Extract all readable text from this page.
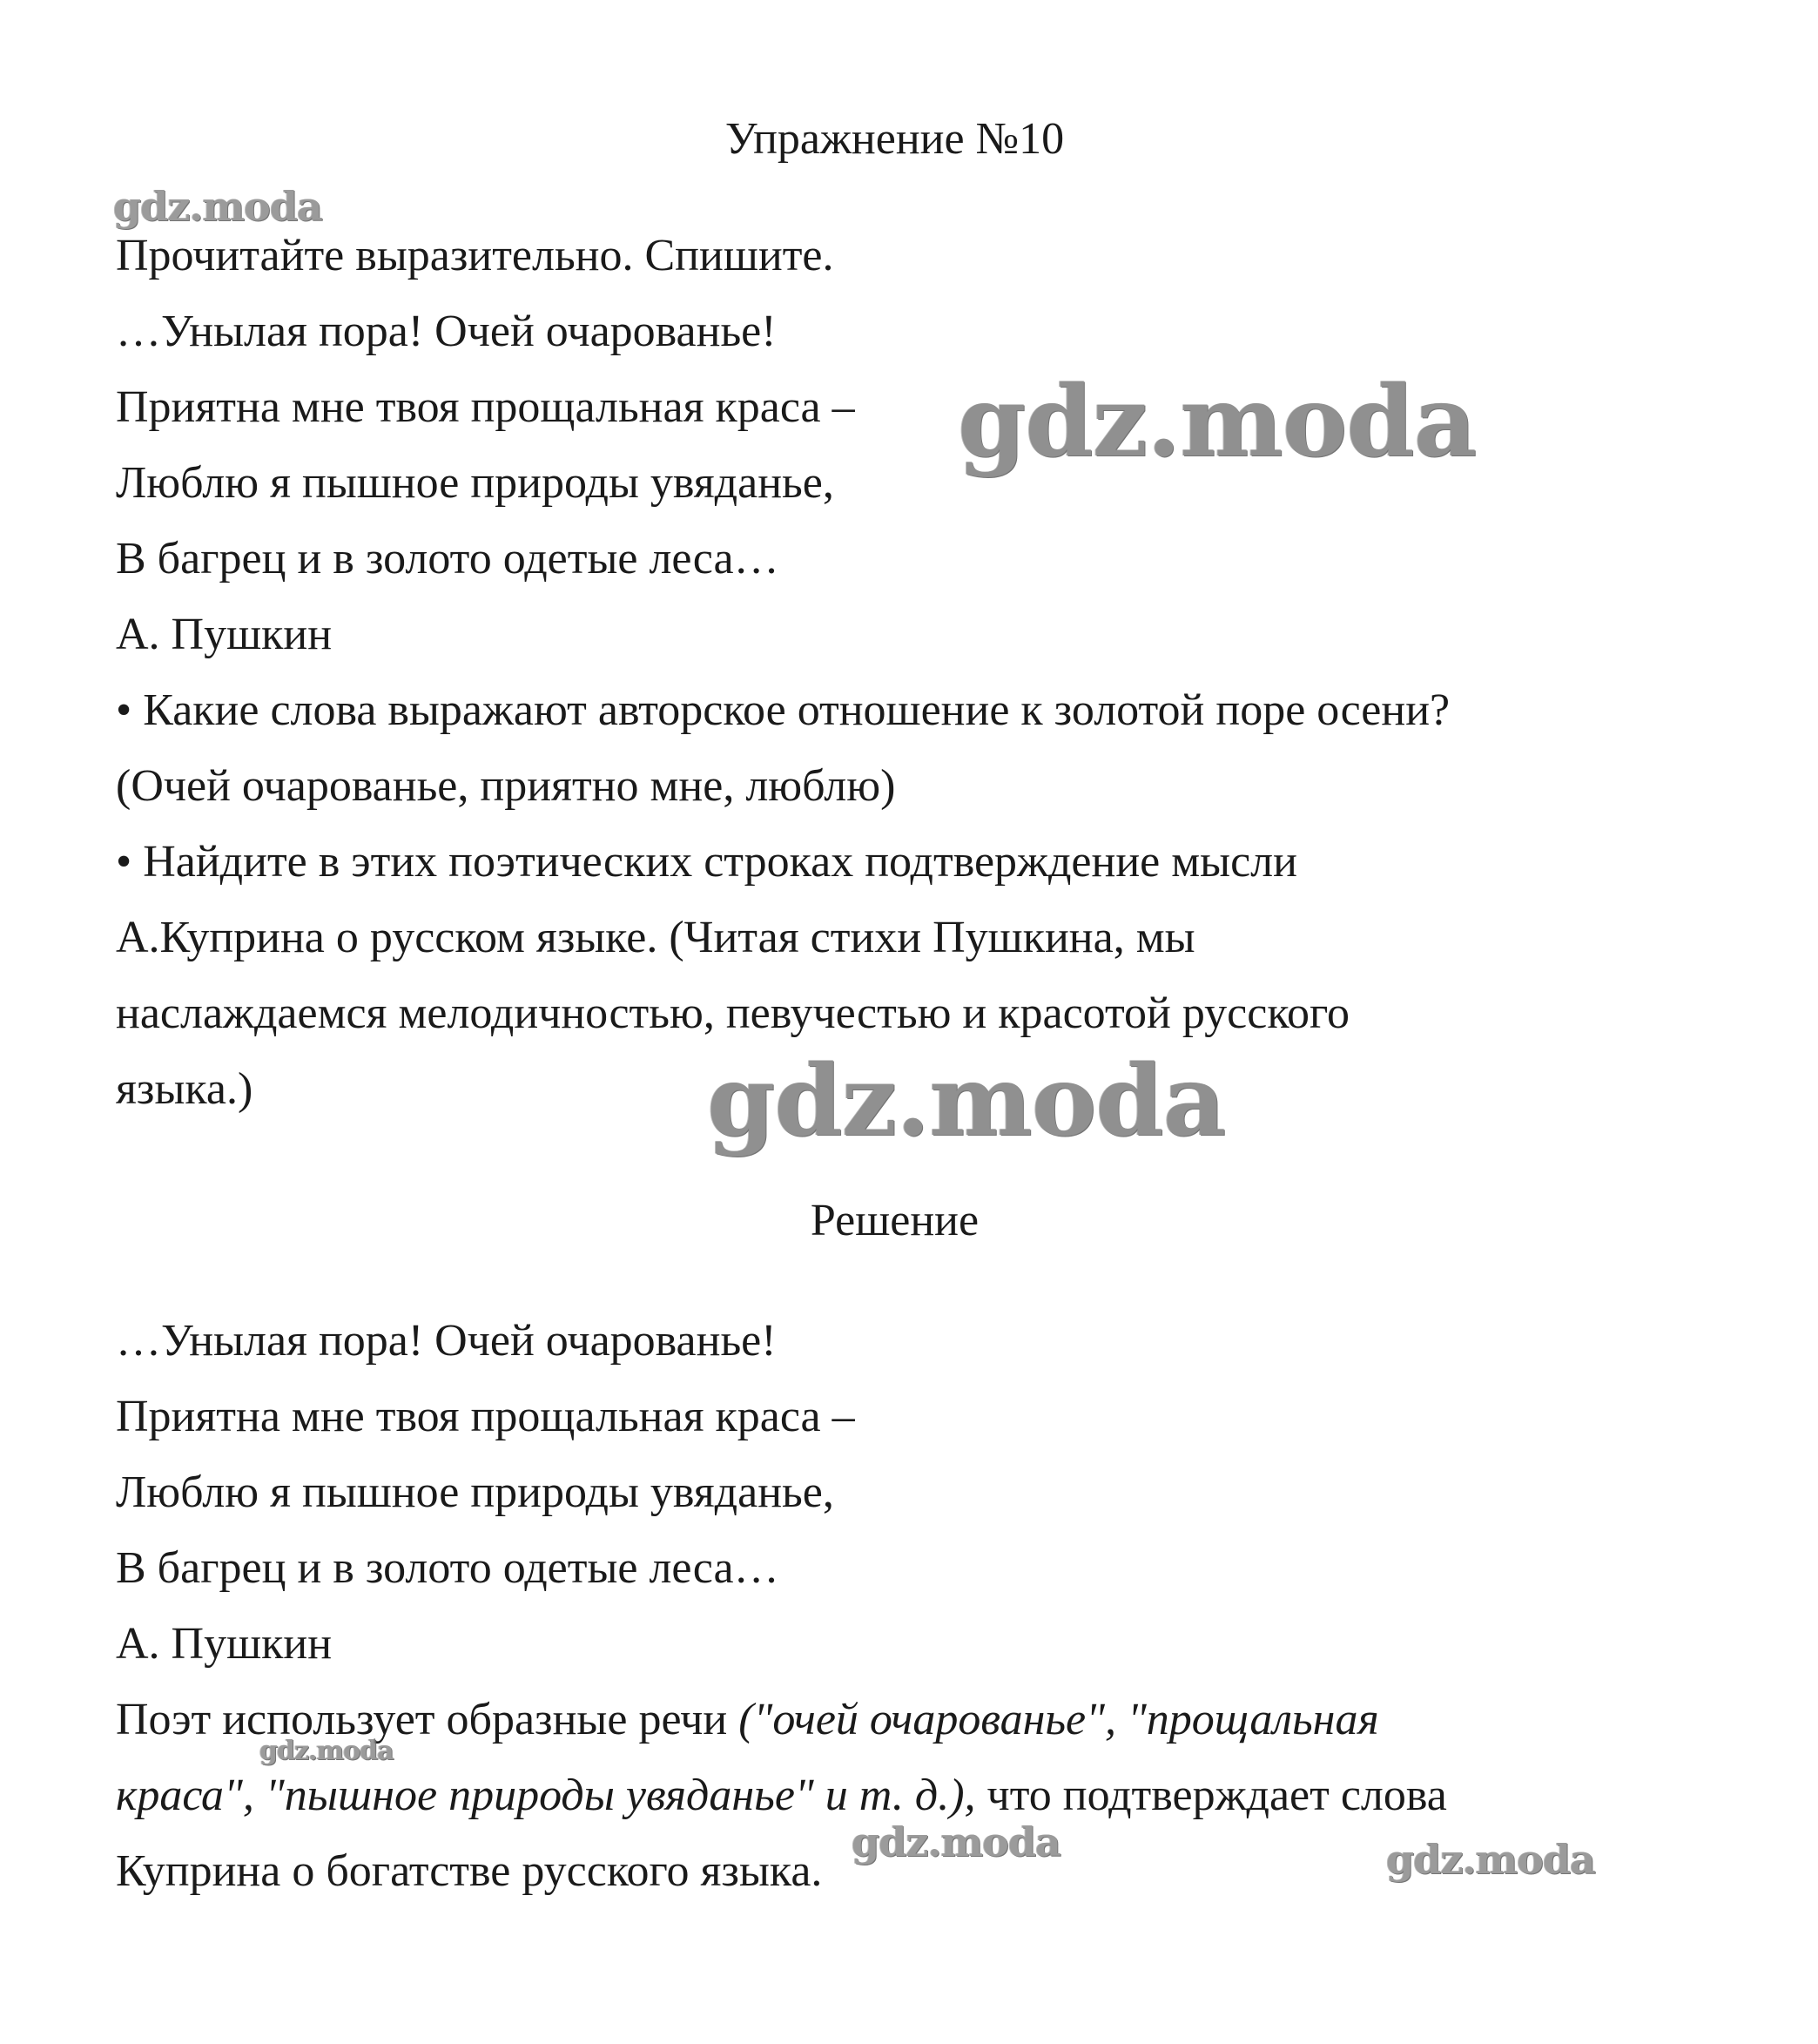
Упражнение №10
gdz.moda
Прочитайте выразительно. Спишите.
…Унылая пора! Очей очарованье!
Приятна мне твоя прощальная краса –
Люблю я пышное природы увяданье,
В багрец и в золото одетые леса…
А. Пушкин
• Какие слова выражают авторское отношение к золотой поре осени?
(Очей очарованье, приятно мне, люблю)
• Найдите в этих поэтических строках подтверждение мысли
А.Куприна о русском языке. (Читая стихи Пушкина, мы
наслаждаемся мелодичностью, певучестью и красотой русского
языка.)
gdz.moda
gdz.moda
Решение
…Унылая пора! Очей очарованье!
Приятна мне твоя прощальная краса –
Люблю я пышное природы увяданье,
В багрец и в золото одетые леса…
А. Пушкин
Поэт использует образные речи ("очей очарованье", "прощальная
краса", "пышное природы увяданье" и т. д.), что подтверждает слова
Куприна о богатстве русского языка.
gdz.moda
gdz.moda	gdz.moda
